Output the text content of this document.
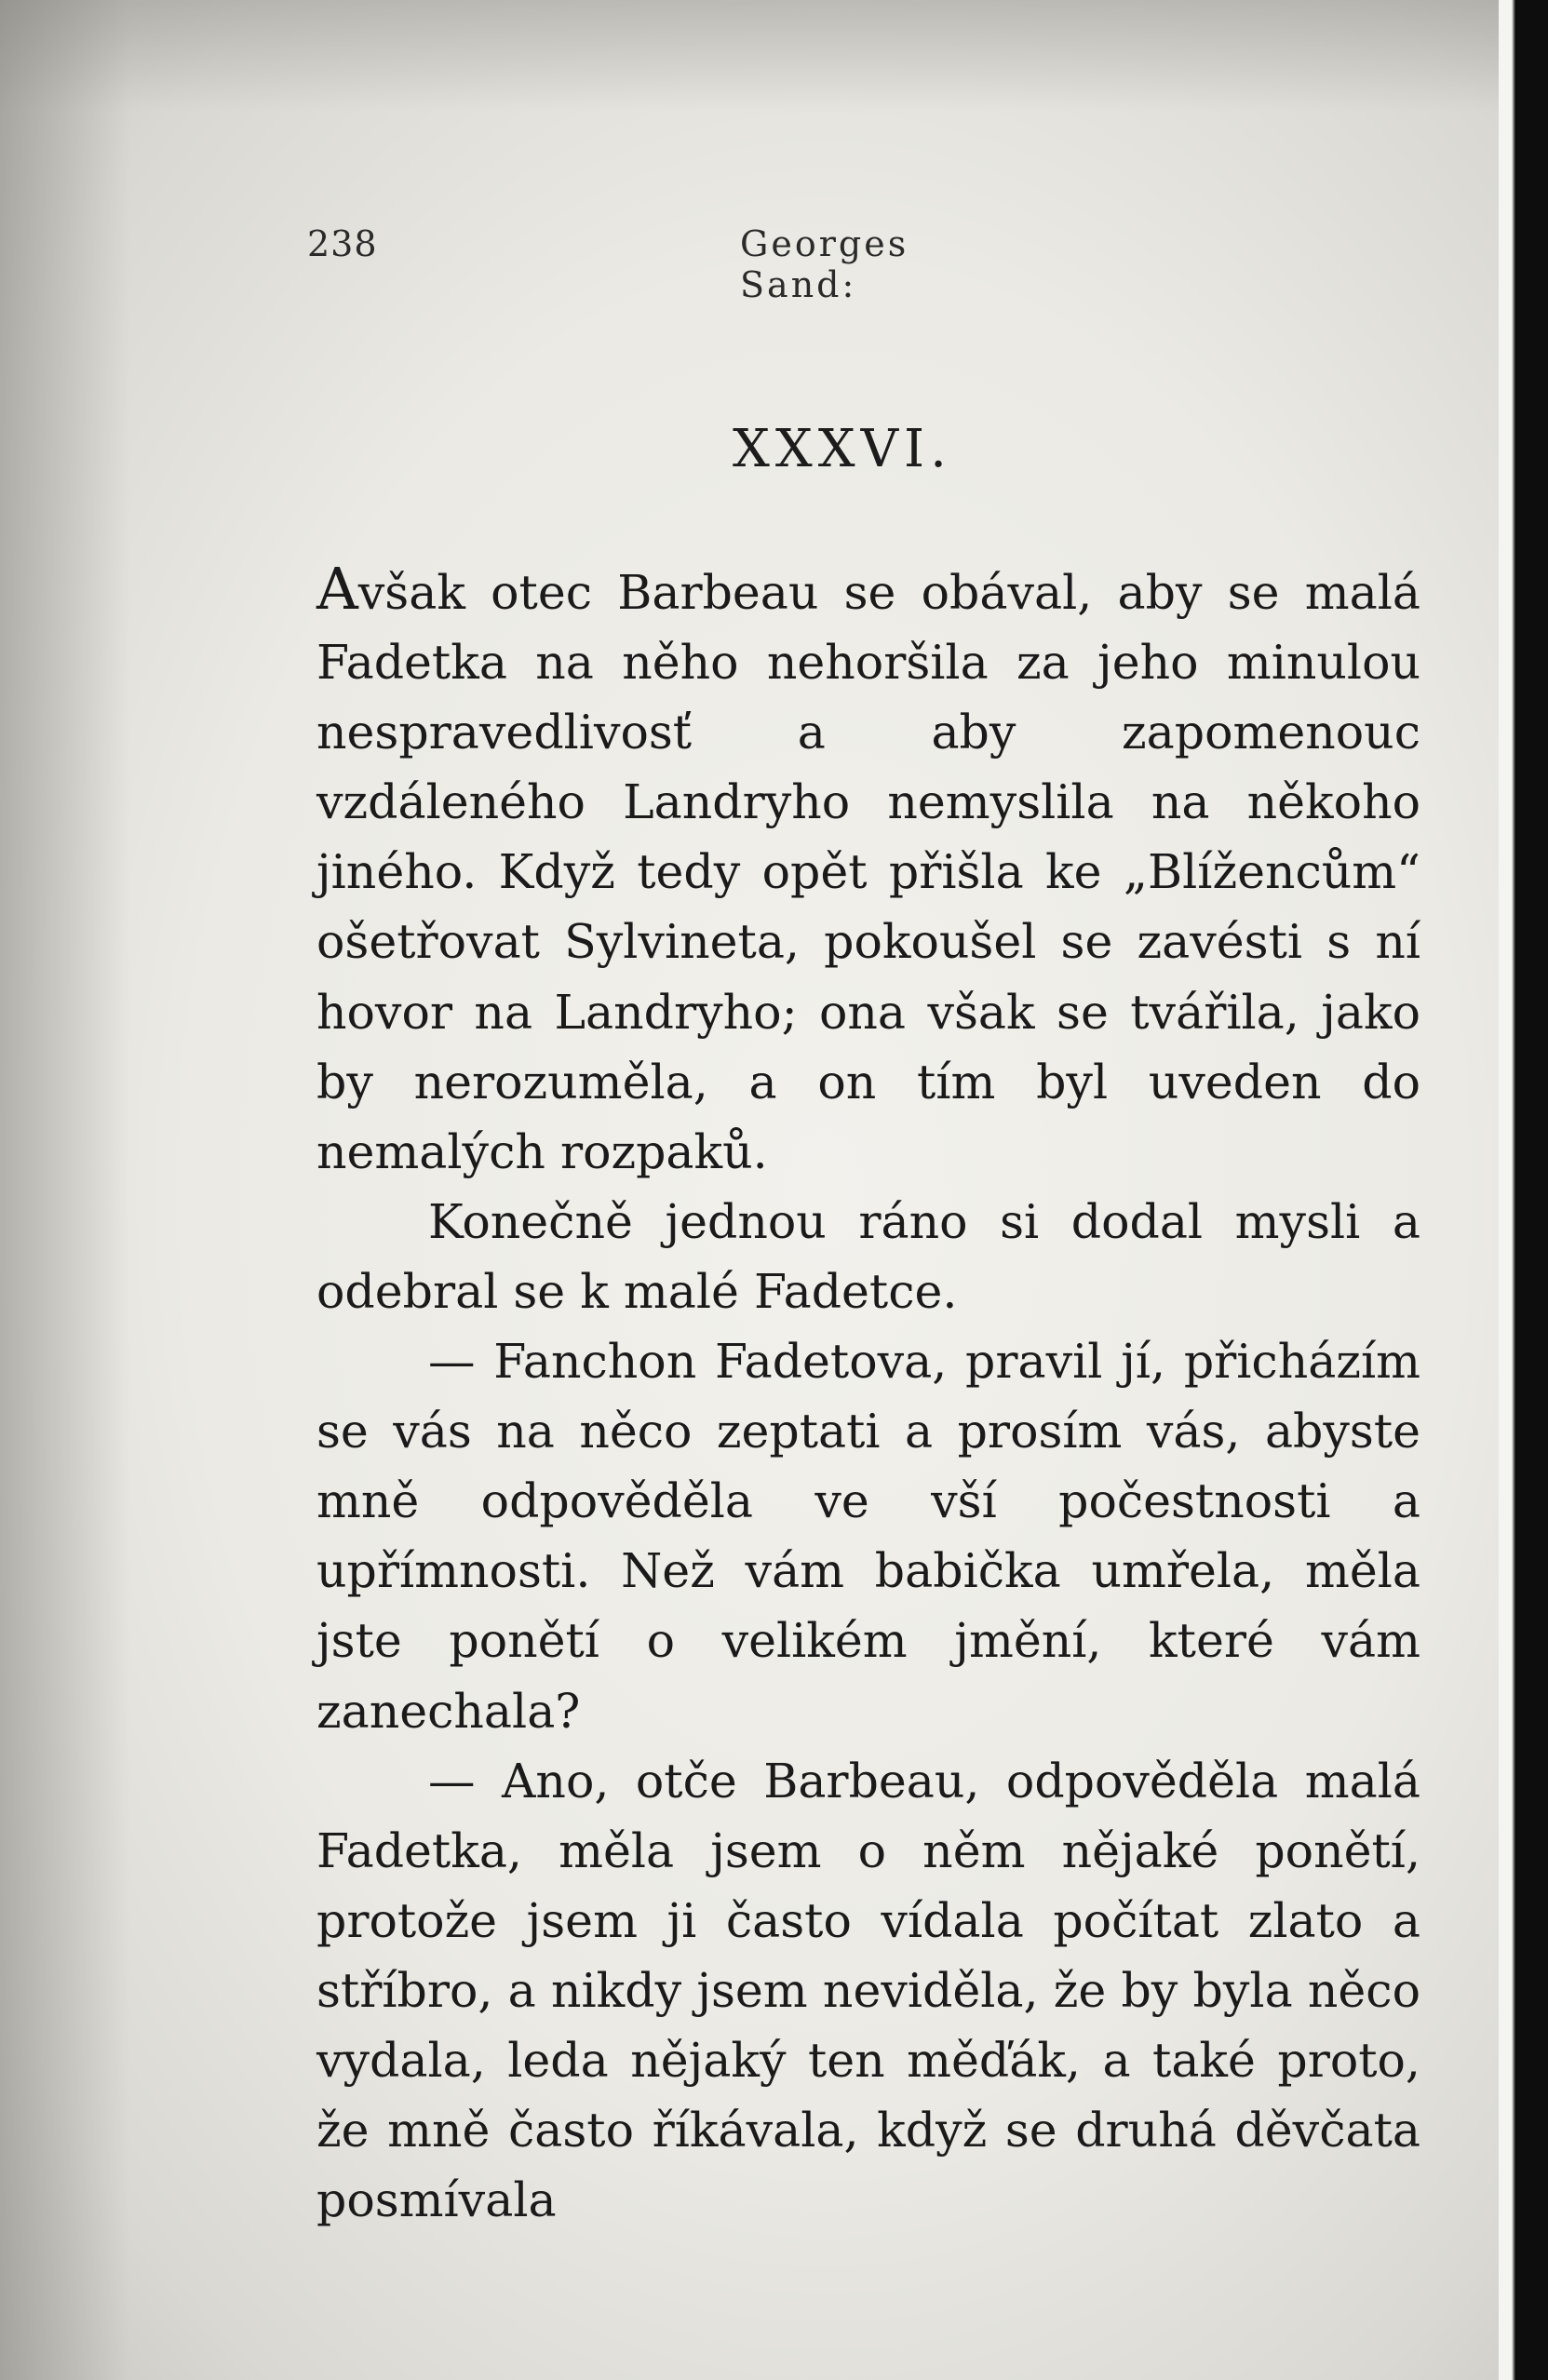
238	Georges Sand:
XXXVI.

Avšak otec Barbeau se obával, aby se malá Fadetka na něho nehoršila za jeho minulou nespravedlivosť a aby zapomenouc vzdáleného Landryho nemyslila na někoho jiného. Když tedy opět přišla ke „Blížencům“ ošetřovat Sylvineta, pokoušel se zavésti s ní hovor na Landryho; ona však se tvářila, jako by nerozuměla, a on tím byl uveden do nemalých rozpaků.

Konečně jednou ráno si dodal mysli a odebral se k malé Fadetce.

— Fanchon Fadetova, pravil jí, přicházím se vás na něco zeptati a prosím vás, abyste mně odpověděla ve vší počestnosti a upřímnosti. Než vám babička umřela, měla jste ponětí o velikém jmění, které vám zanechala?

— Ano, otče Barbeau, odpověděla malá Fadetka, měla jsem o něm nějaké ponětí, protože jsem ji často vídala počítat zlato a stříbro, a nikdy jsem neviděla, že by byla něco vydala, leda nějaký ten měďák, a také proto, že mně často říkávala, když se druhá děvčata posmívala
